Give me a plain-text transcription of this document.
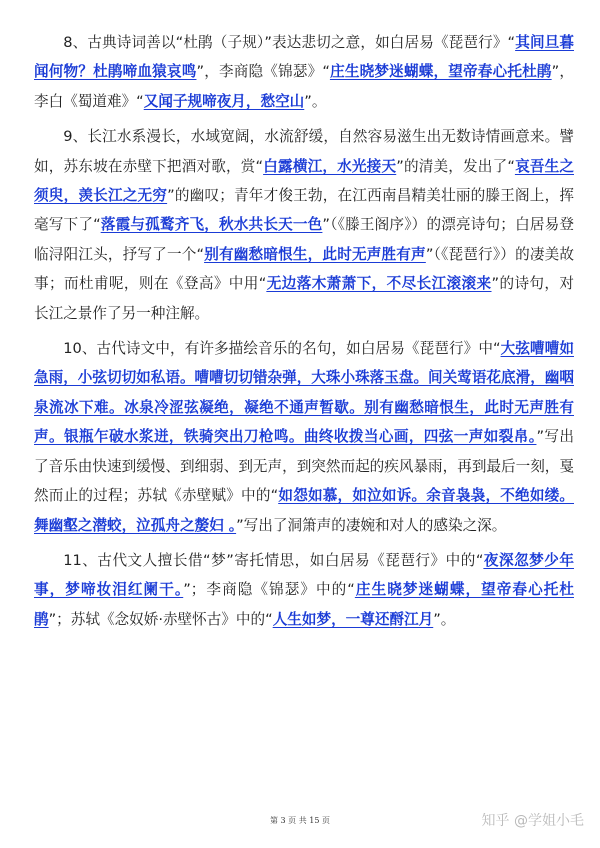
8、古典诗词善以“杜鹃（子规）”表达悲切之意，如白居易《琵琶行》“其间旦暮闻何物？杜鹃啼血猿哀鸣”，李商隐《锦瑟》“庄生晓梦迷蝴蝶，望帝春心托杜鹃”，李白《蜀道难》“又闻子规啼夜月，愁空山”。

9、长江水系漫长，水域宽阔，水流舒缓，自然容易滋生出无数诗情画意来。譬如，苏东坡在赤壁下把酒对歌，赏“白露横江，水光接天”的清美，发出了“哀吾生之须臾，羡长江之无穷”的幽叹；青年才俊王勃，在江西南昌精美壮丽的滕王阁上，挥毫写下了“落霞与孤鹜齐飞，秋水共长天一色”（《滕王阁序》）的漂亮诗句；白居易登临浔阳江头，抒写了一个“别有幽愁暗恨生，此时无声胜有声”（《琵琶行》）的凄美故事；而杜甫呢，则在《登高》中用“无边落木萧萧下，不尽长江滚滚来”的诗句，对长江之景作了另一种注解。

10、古代诗文中，有许多描绘音乐的名句，如白居易《琵琶行》中“大弦嘈嘈如急雨，小弦切切如私语。嘈嘈切切错杂弹，大珠小珠落玉盘。间关莺语花底滑，幽咽泉流冰下难。冰泉冷涩弦凝绝，凝绝不通声暂歇。别有幽愁暗恨生，此时无声胜有声。银瓶乍破水浆迸，铁骑突出刀枪鸣。曲终收拨当心画，四弦一声如裂帛。”写出了音乐由快速到缓慢、到细弱、到无声，到突然而起的疾风暴雨，再到最后一刻，戛然而止的过程；苏轼《赤壁赋》中的“如怨如慕，如泣如诉。余音袅袅，不绝如缕。舞幽壑之潜蛟，泣孤舟之嫠妇 。”写出了洞箫声的凄婉和对人的感染之深。

11、古代文人擅长借“梦”寄托情思，如白居易《琵琶行》中的“夜深忽梦少年事，梦啼妆泪红阑干。”；李商隐《锦瑟》中的“庄生晓梦迷蝴蝶，望帝春心托杜鹃”；苏轼《念奴娇·赤壁怀古》中的“人生如梦，一尊还酹江月”。

第 3 页 共 15 页	知乎 @学姐小毛
